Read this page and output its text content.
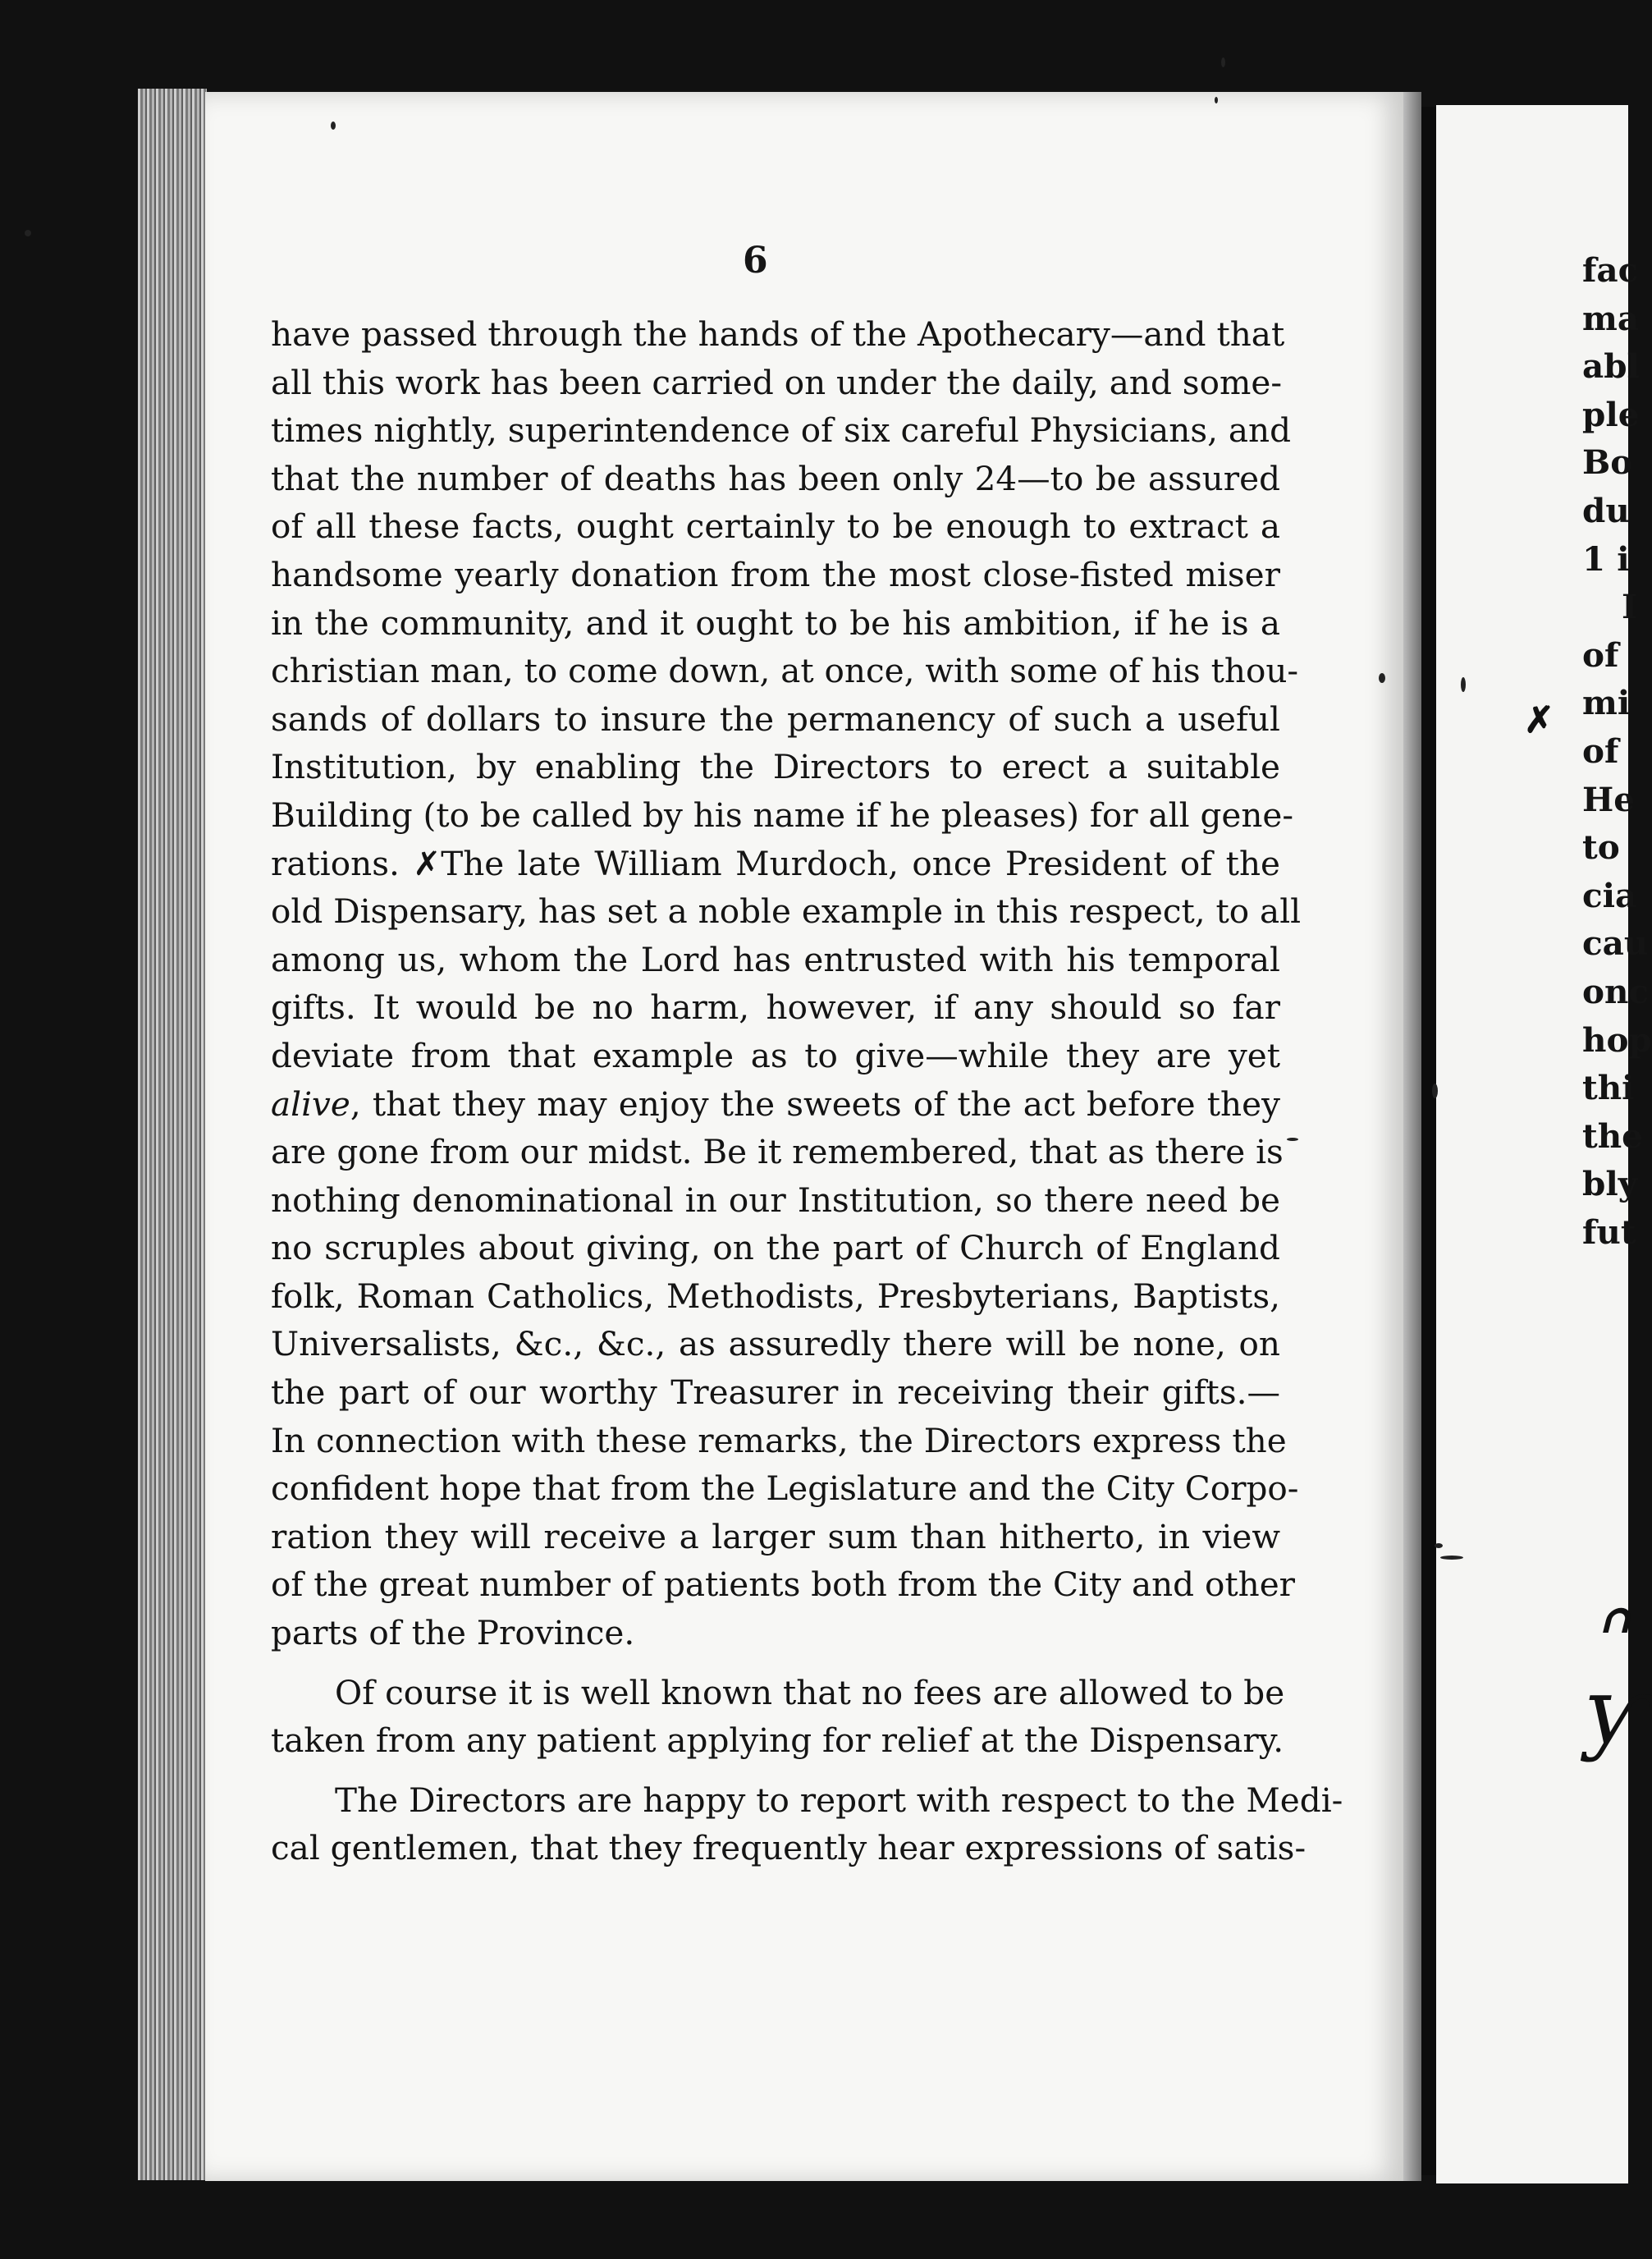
6
have passed through the hands of the Apothecary—and that
all this work has been carried on under the daily, and some-
times nightly, superintendence of six careful Physicians, and
that the number of deaths has been only 24—to be assured
of all these facts, ought certainly to be enough to extract a
handsome yearly donation from the most close-fisted miser
in the community, and it ought to be his ambition, if he is a
christian man, to come down, at once, with some of his thou-
sands of dollars to insure the permanency of such a useful
Institution, by enabling the Directors to erect a suitable
Building (to be called by his name if he pleases) for all gene-
rations. ✗The late William Murdoch, once President of the
old Dispensary, has set a noble example in this respect, to all
among us, whom the Lord has entrusted with his temporal
gifts. It would be no harm, however, if any should so far
deviate from that example as to give—while they are yet
alive, that they may enjoy the sweets of the act before they
are gone from our midst. Be it remembered, that as there is
nothing denominational in our Institution, so there need be
no scruples about giving, on the part of Church of England
folk, Roman Catholics, Methodists, Presbyterians, Baptists,
Universalists, &c., &c., as assuredly there will be none, on
the part of our worthy Treasurer in receiving their gifts.—
In connection with these remarks, the Directors express the
confident hope that from the Legislature and the City Corpo-
ration they will receive a larger sum than hitherto, in view
of the great number of patients both from the City and other
parts of the Province.
Of course it is well known that no fees are allowed to be
taken from any patient applying for relief at the Dispensary.
The Directors are happy to report with respect to the Medi-
cal gentlemen, that they frequently hear expressions of satis-
fac
ma
abl
ple
Bo
du
1 i
I
of
mi
of
He
to
cia
cau
onc
hop
thi
the
bly
fut
✗
ᐢ
ƴ
